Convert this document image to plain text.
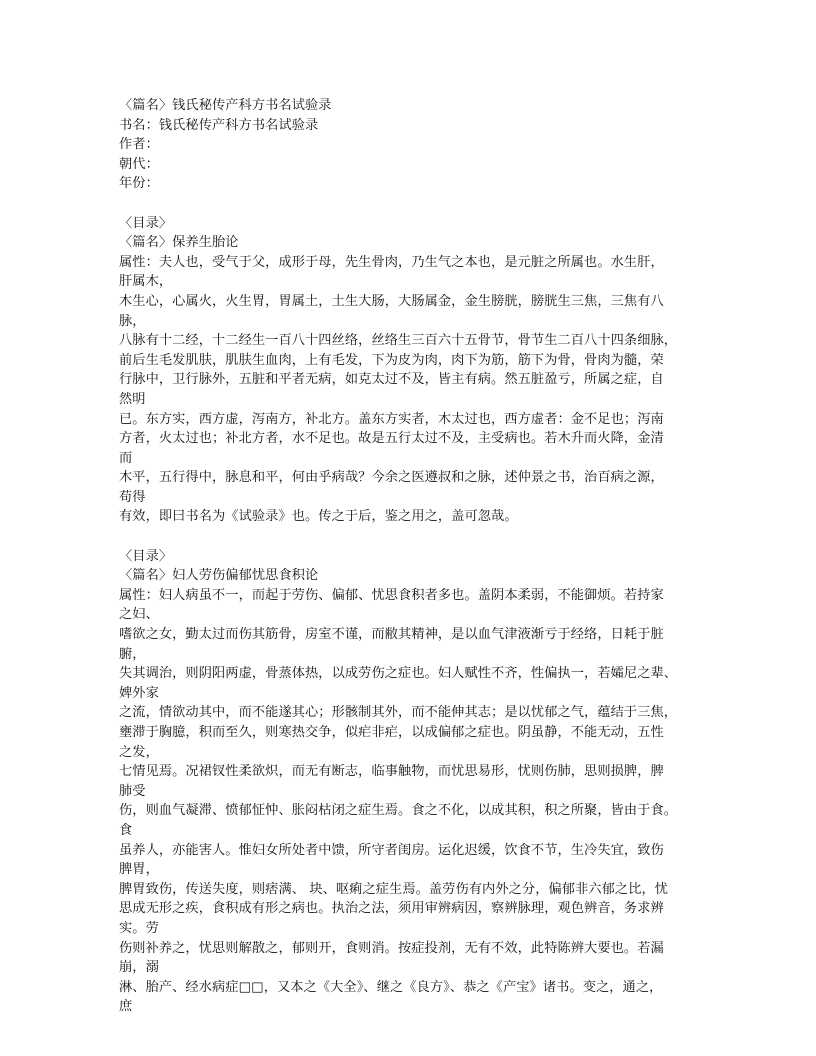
〈篇名〉钱氏秘传产科方书名试验录
书名：钱氏秘传产科方书名试验录
作者：
朝代：
年份：
〈目录〉
〈篇名〉保养生胎论
属性：夫人也，受气于父，成形于母，先生骨肉，乃生气之本也，是元脏之所属也。水生肝，
肝属木，
木生心，心属火，火生胃，胃属土，土生大肠，大肠属金，金生膀胱，膀胱生三焦，三焦有八
脉，
八脉有十二经，十二经生一百八十四丝络，丝络生三百六十五骨节，骨节生二百八十四条细脉，
前后生毛发肌肤，肌肤生血肉，上有毛发，下为皮为肉，肉下为筋，筋下为骨，骨肉为髓，荣
行脉中，卫行脉外，五脏和平者无病，如克太过不及，皆主有病。然五脏盈亏，所属之症，自
然明
已。东方实，西方虚，泻南方，补北方。盖东方实者，木太过也，西方虚者：金不足也；泻南
方者，火太过也；补北方者，水不足也。故是五行太过不及，主受病也。若木升而火降，金清
而
木平，五行得中，脉息和平，何由乎病哉？今余之医遵叔和之脉，述仲景之书，治百病之源，
苟得
有效，即曰书名为《试验录》也。传之于后，鉴之用之，盖可忽哉。
〈目录〉
〈篇名〉妇人劳伤偏郁忧思食积论
属性：妇人病虽不一，而起于劳伤、偏郁、忧思食积者多也。盖阴本柔弱，不能御烦。若持家
之妇、
嗜欲之女，勤太过而伤其筋骨，房室不谨，而敝其精神，是以血气津液渐亏于经络，日耗于脏
腑，
失其调治，则阴阳两虚，骨蒸体热，以成劳伤之症也。妇人赋性不齐，性偏执一，若孀尼之辈、
婢外家
之流，情欲动其中，而不能遂其心；形骸制其外，而不能伸其志；是以忧郁之气，蕴结于三焦，
壅滞于胸臆，积而至久，则寒热交争，似疟非疟，以成偏郁之症也。阴虽静，不能无动，五性
之发，
七情见焉。况裙钗性柔欲炽，而无有断志，临事触物，而忧思易形，忧则伤肺，思则损脾，脾
肺受
伤，则血气凝滞、愤郁怔忡、胀闷枯闭之症生焉。食之不化，以成其积，积之所聚，皆由于食。
食
虽养人，亦能害人。惟妇女所处者中馈，所守者闺房。运化迟缓，饮食不节，生冷失宜，致伤
脾胃，
脾胃致伤，传送失度，则痞满、 块、呕痢之症生焉。盖劳伤有内外之分，偏郁非六郁之比，忧
思成无形之疾，食积成有形之病也。执治之法，须用审辨病因，察辨脉理，观色辨音，务求辨
实。劳
伤则补养之，忧思则解散之，郁则开，食则消。按症投剂，无有不效，此特陈辨大要也。若漏
崩，溺
淋、胎产、经水病症□□，又本之《大全》、继之《良方》、恭之《产宝》诸书。变之，通之，
庶
